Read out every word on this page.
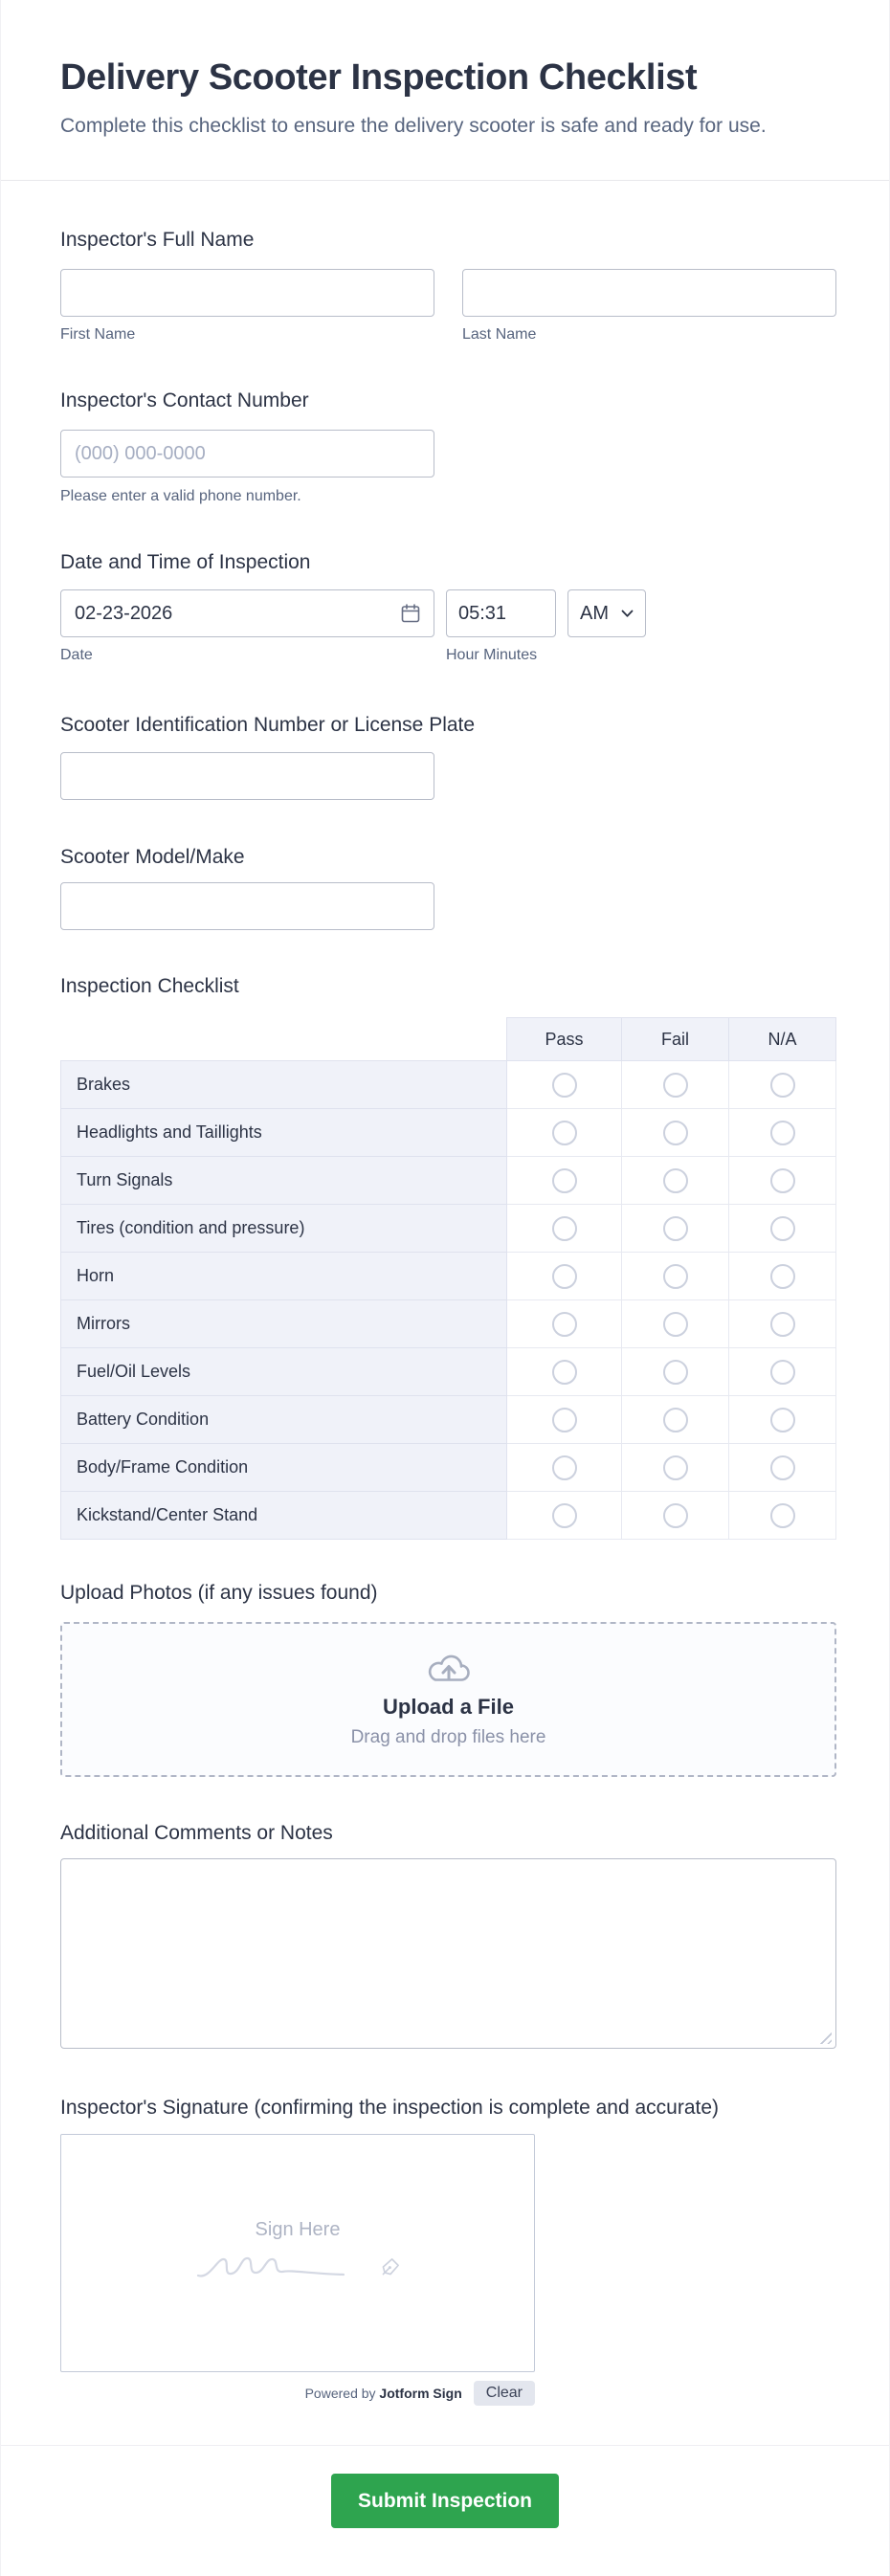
Delivery Scooter Inspection Checklist
Complete this checklist to ensure the delivery scooter is safe and ready for use.
Inspector's Full Name
First Name	Last Name
Inspector's Contact Number
(000) 000-0000
Please enter a valid phone number.
Date and Time of Inspection
02-23-2026
05:31
AM
Date	Hour Minutes
Scooter Identification Number or License Plate
Scooter Model/Make
Inspection Checklist
	Pass	Fail	N/A
Brakes			
Headlights and Taillights			
Turn Signals			
Tires (condition and pressure)			
Horn			
Mirrors			
Fuel/Oil Levels			
Battery Condition			
Body/Frame Condition			
Kickstand/Center Stand			
Upload Photos (if any issues found)
Upload a File
Drag and drop files here
Additional Comments or Notes
Inspector's Signature (confirming the inspection is complete and accurate)
Sign Here
Powered by Jotform Sign	Clear
Submit Inspection
